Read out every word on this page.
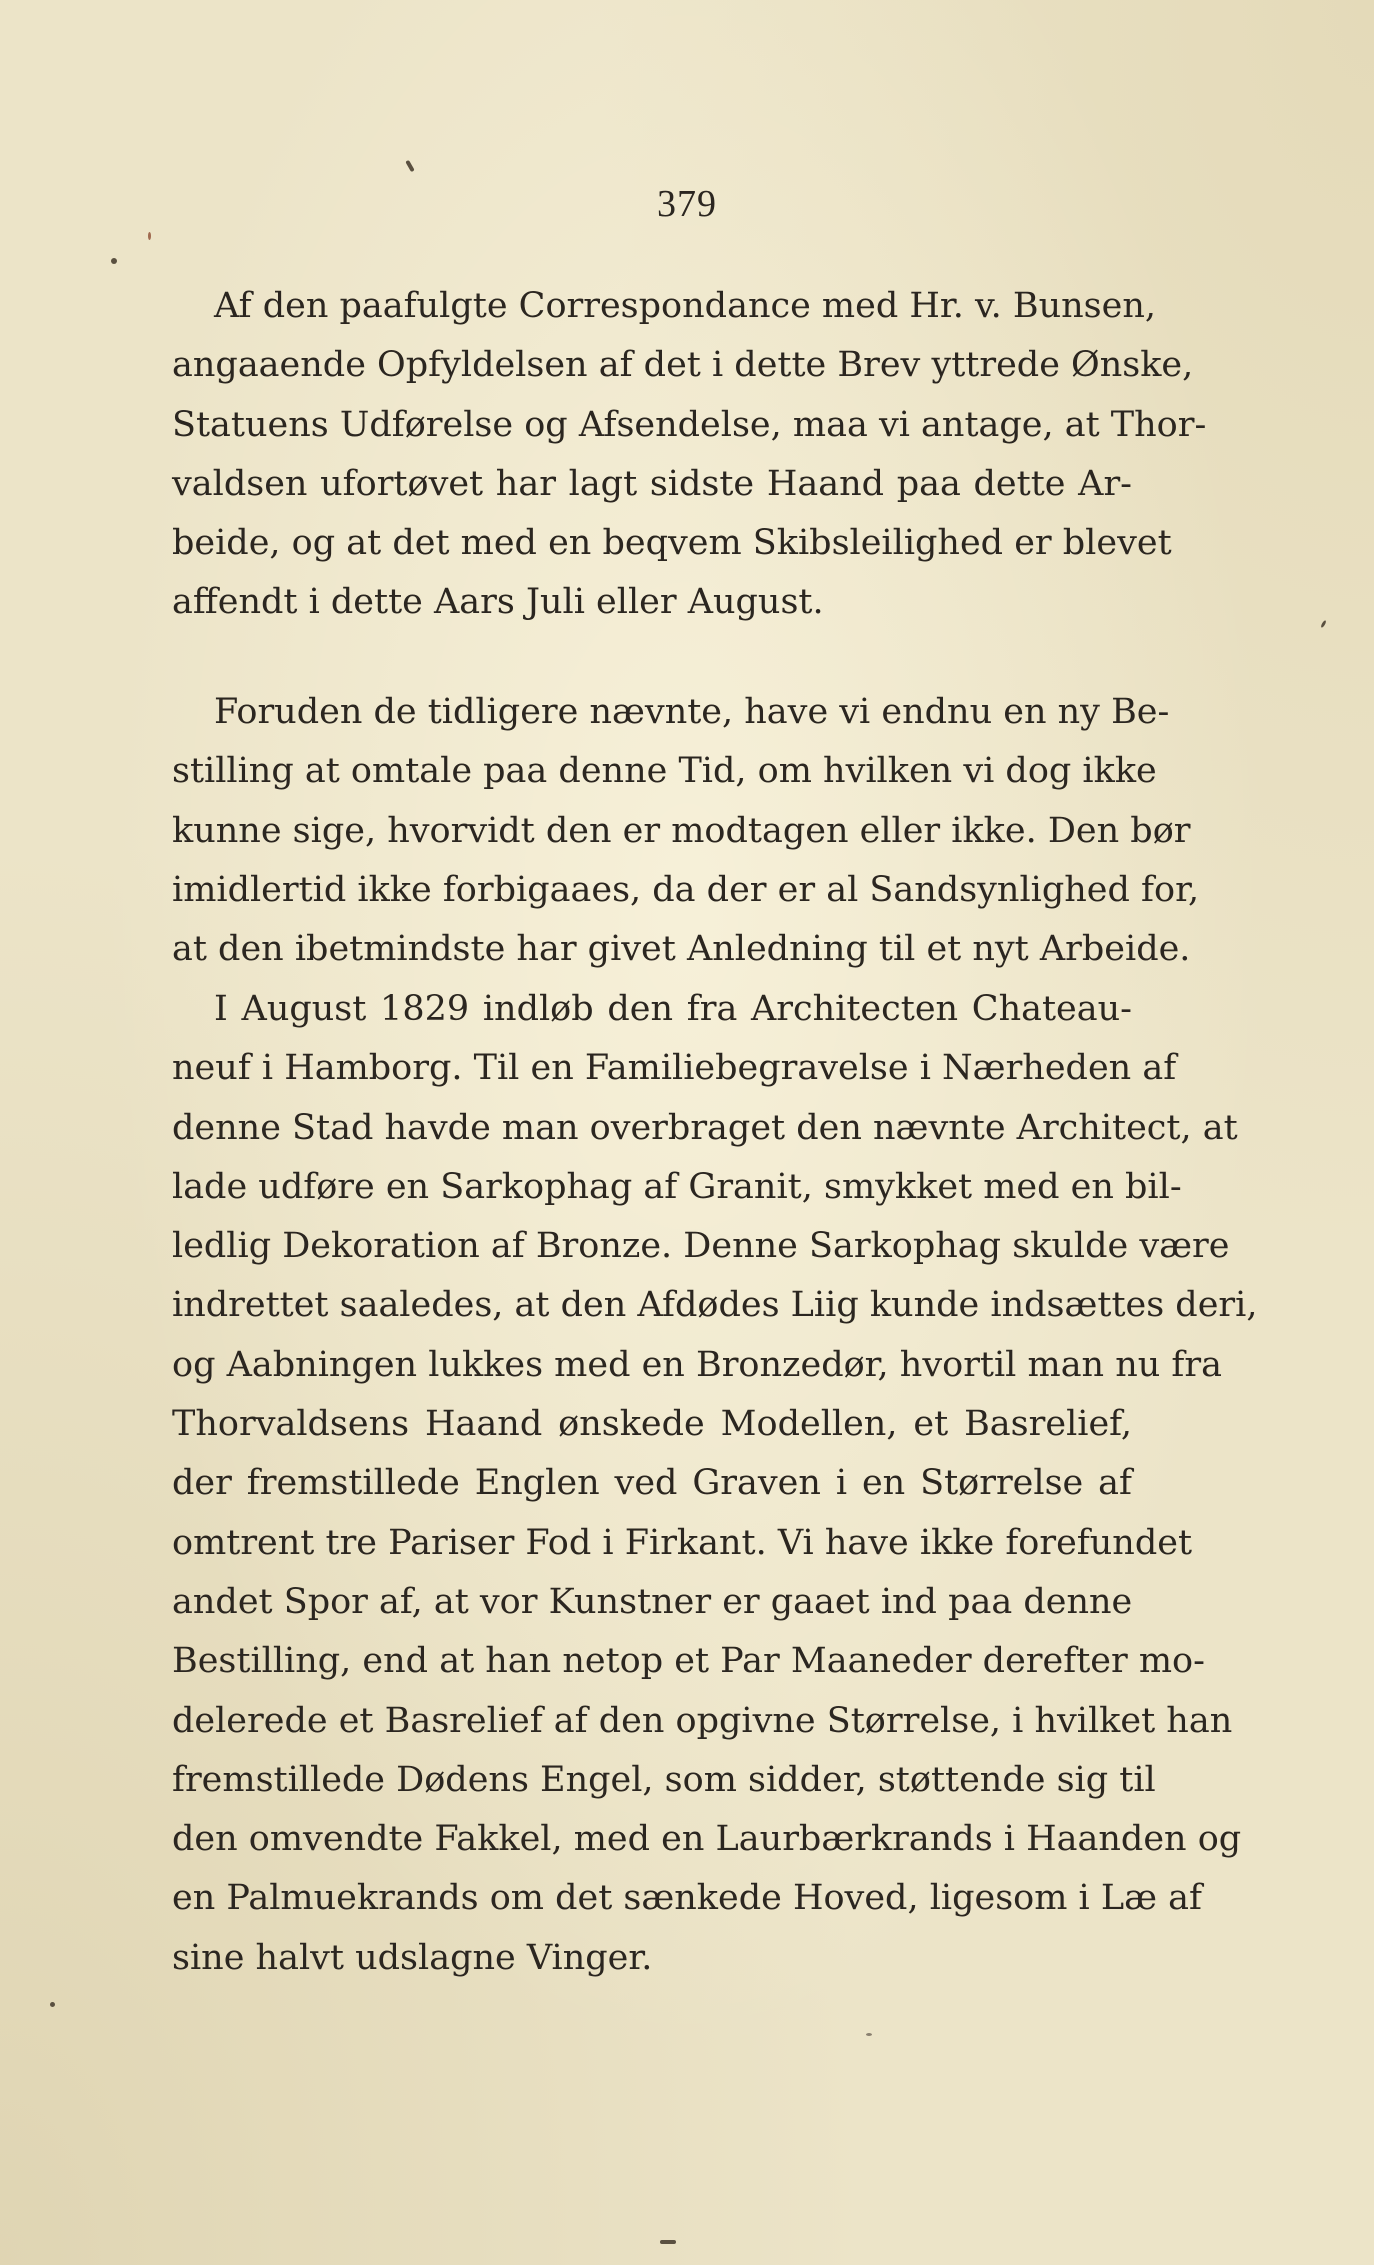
379
Af den paafulgte Correspondance med Hr. v. Bunsen,
angaaende Opfyldelsen af det i dette Brev yttrede Ønske,
Statuens Udførelse og Afsendelse, maa vi antage, at Thor-
valdsen ufortøvet har lagt sidste Haand paa dette Ar-
beide, og at det med en beqvem Skibsleilighed er blevet
affendt i dette Aars Juli eller August.
Foruden de tidligere nævnte, have vi endnu en ny Be-
stilling at omtale paa denne Tid, om hvilken vi dog ikke
kunne sige, hvorvidt den er modtagen eller ikke. Den bør
imidlertid ikke forbigaaes, da der er al Sandsynlighed for,
at den ibetmindste har givet Anledning til et nyt Arbeide.
I August 1829 indløb den fra Architecten Chateau-
neuf i Hamborg. Til en Familiebegravelse i Nærheden af
denne Stad havde man overbraget den nævnte Architect, at
lade udføre en Sarkophag af Granit, smykket med en bil-
ledlig Dekoration af Bronze. Denne Sarkophag skulde være
indrettet saaledes, at den Afdødes Liig kunde indsættes deri,
og Aabningen lukkes med en Bronzedør, hvortil man nu fra
Thorvaldsens Haand ønskede Modellen, et Basrelief,
der fremstillede Englen ved Graven i en Størrelse af
omtrent tre Pariser Fod i Firkant. Vi have ikke forefundet
andet Spor af, at vor Kunstner er gaaet ind paa denne
Bestilling, end at han netop et Par Maaneder derefter mo-
delerede et Basrelief af den opgivne Størrelse, i hvilket han
fremstillede Dødens Engel, som sidder, støttende sig til
den omvendte Fakkel, med en Laurbærkrands i Haanden og
en Palmuekrands om det sænkede Hoved, ligesom i Læ af
sine halvt udslagne Vinger.
